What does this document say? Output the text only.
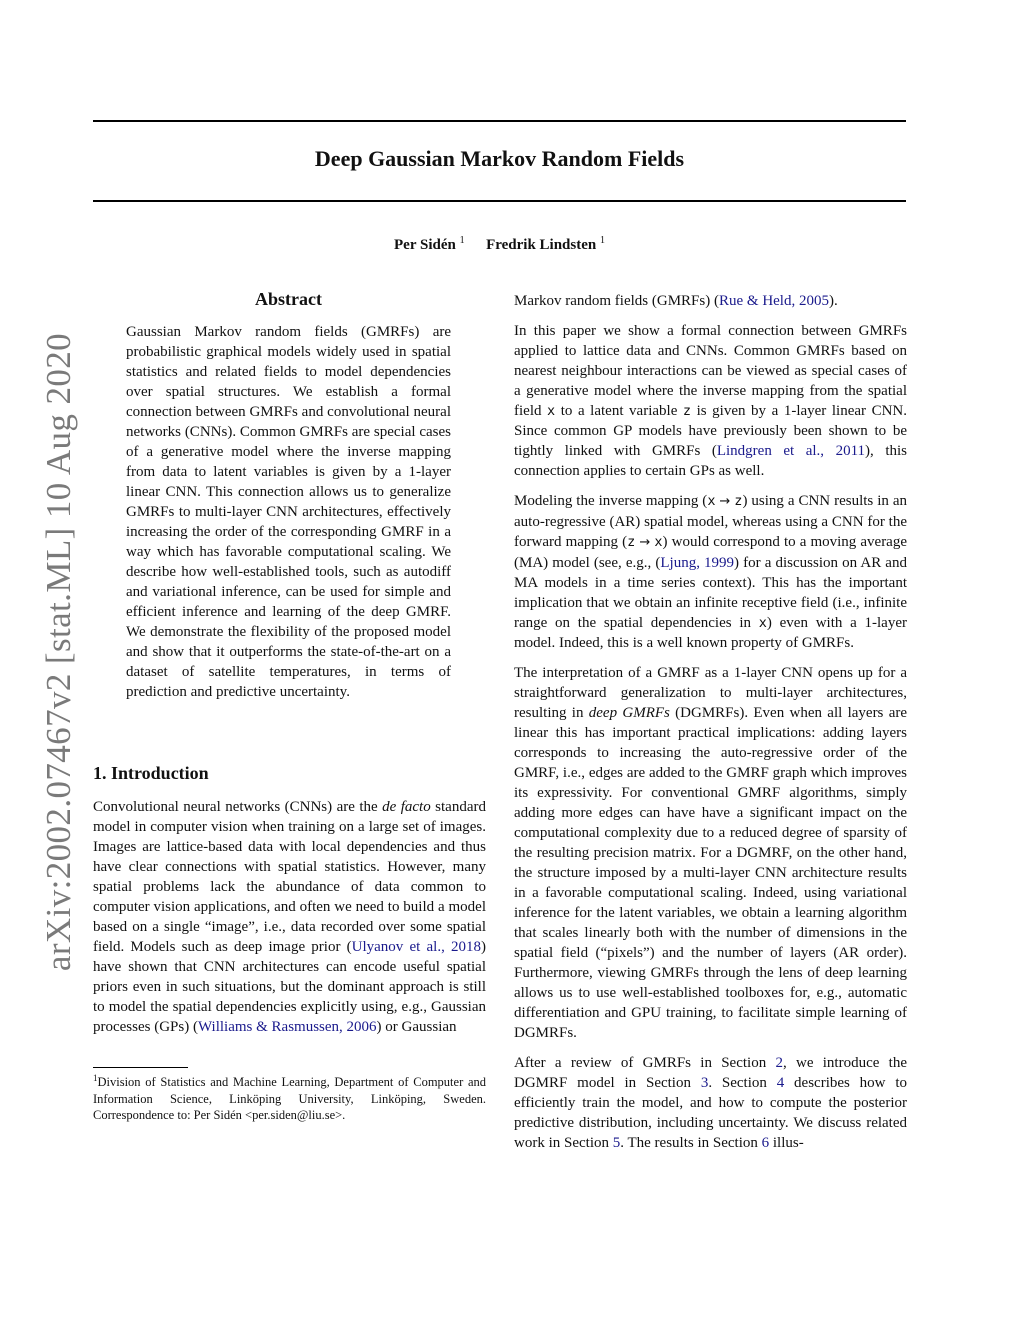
arXiv:2002.07467v2 [stat.ML] 10 Aug 2020
Deep Gaussian Markov Random Fields
Per Sidén $^1$ Fredrik Lindsten $^1$
Abstract
Gaussian Markov random fields (GMRFs) are probabilistic graphical models widely used in spatial statistics and related fields to model dependencies over spatial structures. We establish a formal connection between GMRFs and convolutional neural networks (CNNs). Common GMRFs are special cases of a generative model where the inverse mapping from data to latent variables is given by a 1-layer linear CNN. This connection allows us to generalize GMRFs to multi-layer CNN architectures, effectively increasing the order of the corresponding GMRF in a way which has favorable computational scaling. We describe how well-established tools, such as autodiff and variational inference, can be used for simple and efficient inference and learning of the deep GMRF. We demonstrate the flexibility of the proposed model and show that it outperforms the state-of-the-art on a dataset of satellite temperatures, in terms of prediction and predictive uncertainty.
1. Introduction
Convolutional neural networks (CNNs) are the de facto standard model in computer vision when training on a large set of images. Images are lattice-based data with local dependencies and thus have clear connections with spatial statistics. However, many spatial problems lack the abundance of data common to computer vision applications, and often we need to build a model based on a single “image”, i.e., data recorded over some spatial field. Models such as deep image prior (Ulyanov et al., 2018) have shown that CNN architectures can encode useful spatial priors even in such situations, but the dominant approach is still to model the spatial dependencies explicitly using, e.g., Gaussian processes (GPs) (Williams & Rasmussen, 2006) or Gaussian
$^1$Division of Statistics and Machine Learning, Department of Computer and Information Science, Linköping University, Linköping, Sweden. Correspondence to: Per Sidén <per.siden@liu.se>.

Markov random fields (GMRFs) (Rue & Held, 2005).

In this paper we show a formal connection between GMRFs applied to lattice data and CNNs. Common GMRFs based on nearest neighbour interactions can be viewed as special cases of a generative model where the inverse mapping from the spatial field x to a latent variable z is given by a 1-layer linear CNN. Since common GP models have previously been shown to be tightly linked with GMRFs (Lindgren et al., 2011), this connection applies to certain GPs as well.

Modeling the inverse mapping (x → z) using a CNN results in an auto-regressive (AR) spatial model, whereas using a CNN for the forward mapping (z → x) would correspond to a moving average (MA) model (see, e.g., (Ljung, 1999) for a discussion on AR and MA models in a time series context). This has the important implication that we obtain an infinite receptive field (i.e., infinite range on the spatial dependencies in x) even with a 1-layer model. Indeed, this is a well known property of GMRFs.

The interpretation of a GMRF as a 1-layer CNN opens up for a straightforward generalization to multi-layer architectures, resulting in deep GMRFs (DGMRFs). Even when all layers are linear this has important practical implications: adding layers corresponds to increasing the auto-regressive order of the GMRF, i.e., edges are added to the GMRF graph which improves its expressivity. For conventional GMRF algorithms, simply adding more edges can have have a significant impact on the computational complexity due to a reduced degree of sparsity of the resulting precision matrix. For a DGMRF, on the other hand, the structure imposed by a multi-layer CNN architecture results in a favorable computational scaling. Indeed, using variational inference for the latent variables, we obtain a learning algorithm that scales linearly both with the number of dimensions in the spatial field (“pixels”) and the number of layers (AR order). Furthermore, viewing GMRFs through the lens of deep learning allows us to use well-established toolboxes for, e.g., automatic differentiation and GPU training, to facilitate simple learning of DGMRFs.

After a review of GMRFs in Section 2, we introduce the DGMRF model in Section 3. Section 4 describes how to efficiently train the model, and how to compute the posterior predictive distribution, including uncertainty. We discuss related work in Section 5. The results in Section 6 illus-
